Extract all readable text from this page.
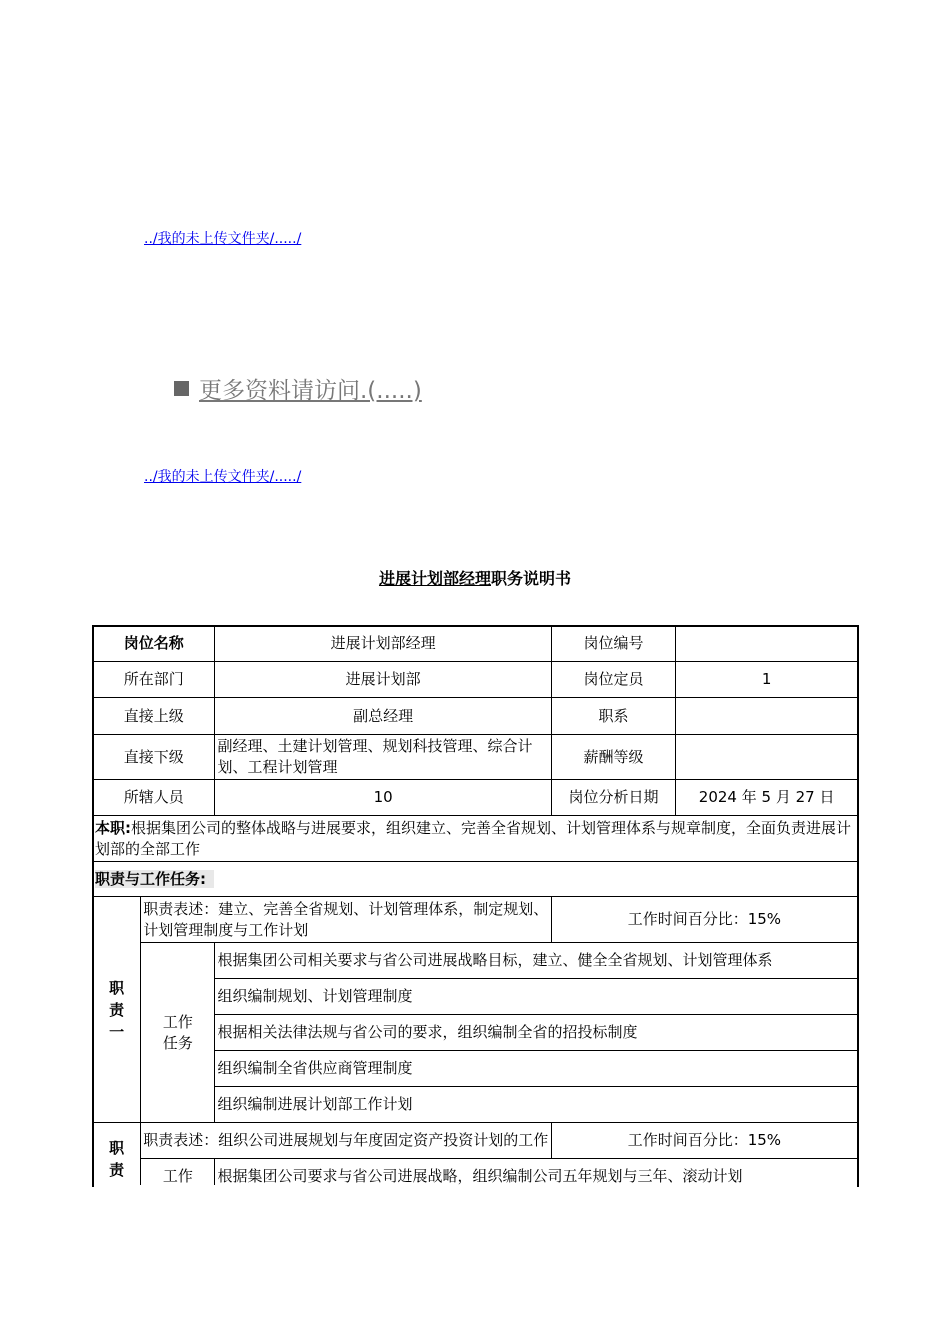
../我的未上传文件夹/...../
更多资料请访问.(.....)
../我的未上传文件夹/...../
进展计划部经理职务说明书
岗位名称		进展计划部经理	岗位编号	
所在部门		进展计划部	岗位定员	1
直接上级		副总经理	职系	
直接下级		副经理、土建计划管理、规划科技管理、综合计划、工程计划管理	薪酬等级	
所辖人员		10	岗位分析日期	2024 年 5 月 27 日
本职:根据集团公司的整体战略与进展要求，组织建立、完善全省规划、计划管理体系与规章制度，全面负责进展计划部的全部工作				
职责与工作任务:				

职责一	职责表述：建立、完善全省规划、计划管理体系，制定规划、计划管理制度与工作计划		工作时间百分比：15%	

	工作任务	根据集团公司相关要求与省公司进展战略目标，建立、健全全省规划、计划管理体系		
		组织编制规划、计划管理制度		
		根据相关法律法规与省公司的要求，组织编制全省的招投标制度		
		组织编制全省供应商管理制度		
		组织编制进展计划部工作计划		

职责	职责表述：组织公司进展规划与年度固定资产投资计划的工作		工作时间百分比：15%	
	工作	根据集团公司要求与省公司进展战略，组织编制公司五年规划与三年、滚动计划		
